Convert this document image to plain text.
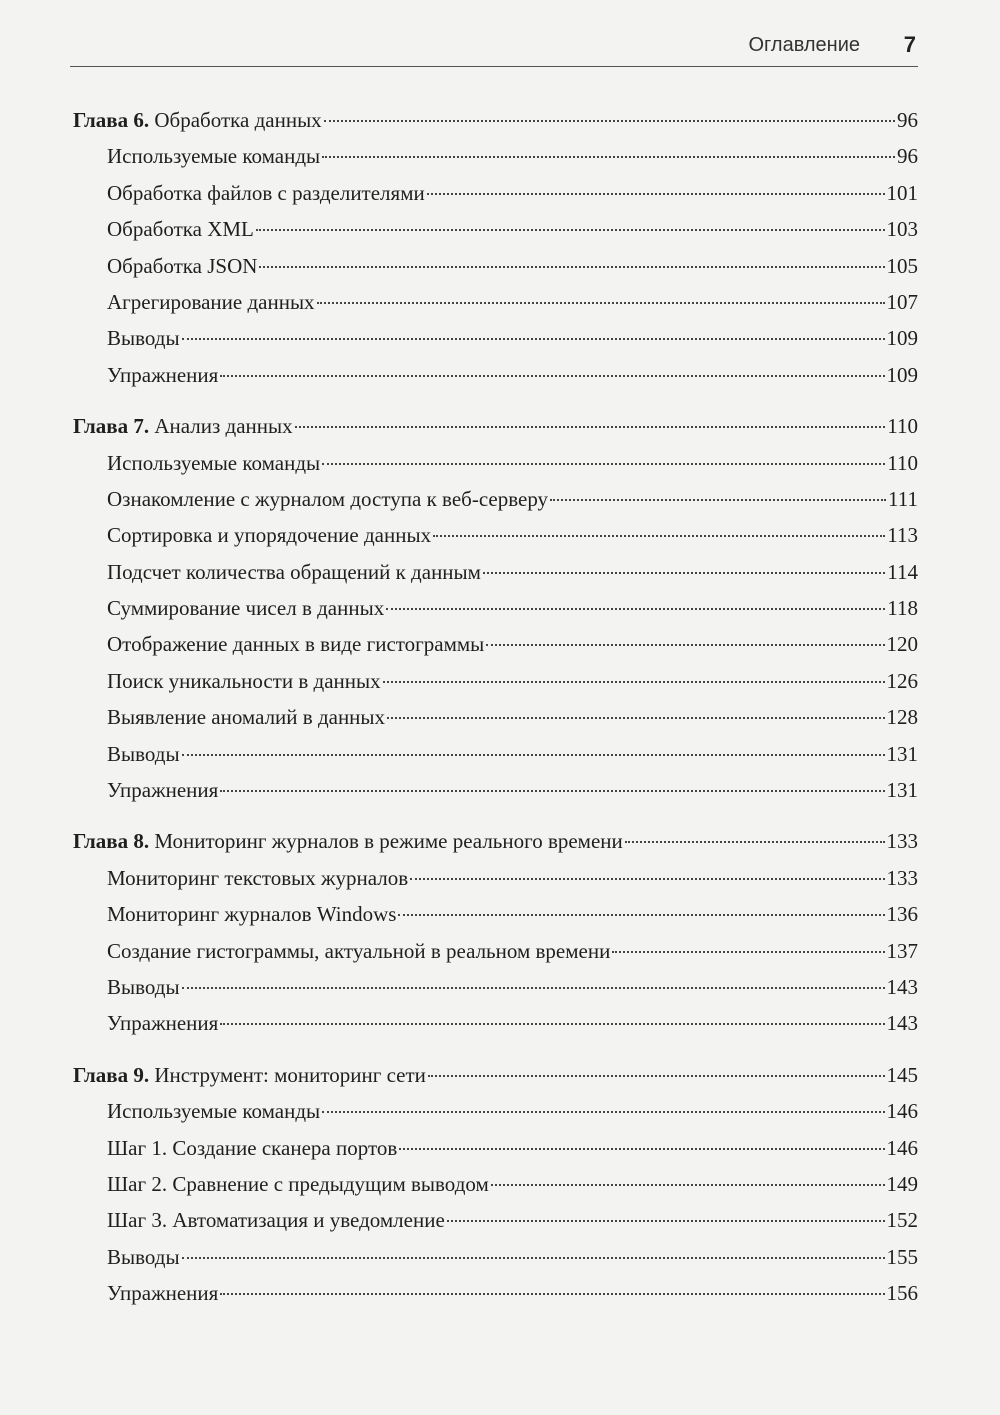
Оглавление 7
Глава 6. Обработка данных	96
Используемые команды	96
Обработка файлов с разделителями	101
Обработка XML	103
Обработка JSON	105
Агрегирование данных	107
Выводы	109
Упражнения	109
Глава 7. Анализ данных	110
Используемые команды	110
Ознакомление с журналом доступа к веб-серверу	111
Сортировка и упорядочение данных	113
Подсчет количества обращений к данным	114
Суммирование чисел в данных	118
Отображение данных в виде гистограммы	120
Поиск уникальности в данных	126
Выявление аномалий в данных	128
Выводы	131
Упражнения	131
Глава 8. Мониторинг журналов в режиме реального времени	133
Мониторинг текстовых журналов	133
Мониторинг журналов Windows	136
Создание гистограммы, актуальной в реальном времени	137
Выводы	143
Упражнения	143
Глава 9. Инструмент: мониторинг сети	145
Используемые команды	146
Шаг 1. Создание сканера портов	146
Шаг 2. Сравнение с предыдущим выводом	149
Шаг 3. Автоматизация и уведомление	152
Выводы	155
Упражнения	156
